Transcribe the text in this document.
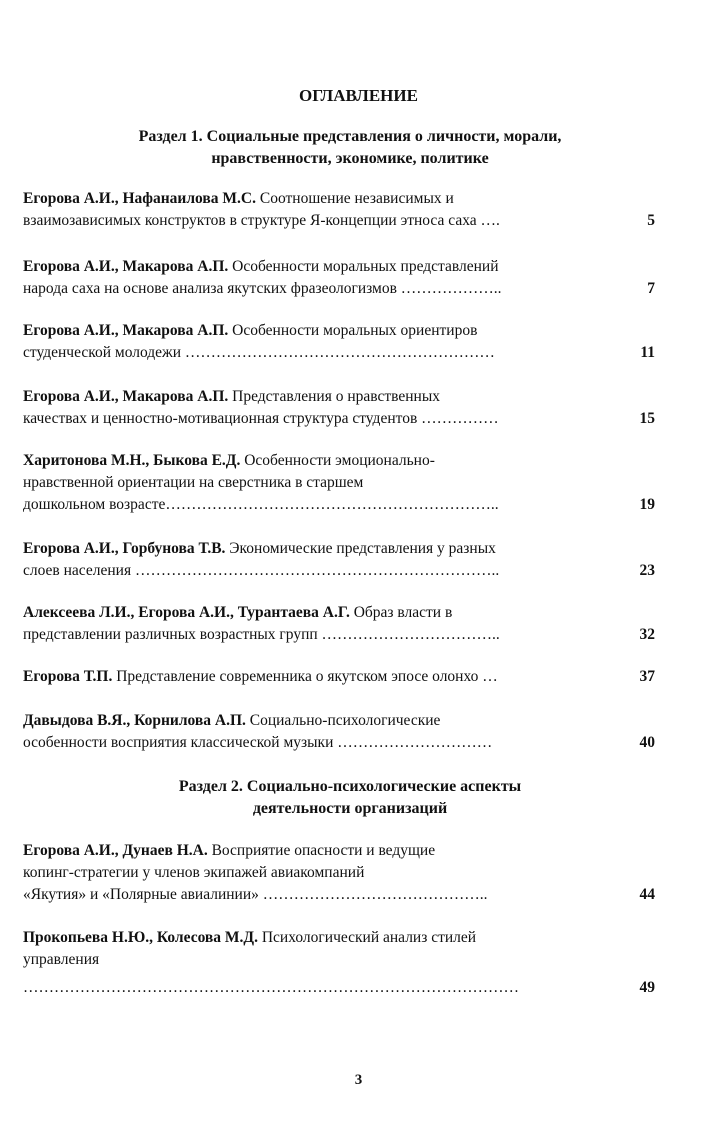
ОГЛАВЛЕНИЕ
Раздел 1. Социальные представления о личности, морали,
нравственности, экономике, политике
Егорова А.И., Нафанаилова М.С. Соотношение независимых и
взаимозависимых конструктов в структуре Я-концепции этноса саха ….	5
Егорова А.И., Макарова А.П. Особенности моральных представлений
народа саха на основе анализа якутских фразеологизмов ………………..	7
Егорова А.И., Макарова А.П. Особенности моральных ориентиров
студенческой молодежи ……………………………………………………	11
Егорова А.И., Макарова А.П. Представления о нравственных
качествах и ценностно-мотивационная структура студентов ……………	15
Харитонова М.Н., Быкова Е.Д. Особенности эмоционально-
нравственной ориентации на сверстника в старшем
дошкольном возрасте………………………………………………………..	19
Егорова А.И., Горбунова Т.В. Экономические представления у разных
слоев населения ……………………………………………………………..	23
Алексеева Л.И., Егорова А.И., Турантаева А.Г. Образ власти в
представлении различных возрастных групп ……………………………..	32
Егорова Т.П. Представление современника о якутском эпосе олонхо …	37
Давыдова В.Я., Корнилова А.П. Социально-психологические
особенности восприятия классической музыки …………………………	40
Раздел 2. Социально-психологические аспекты
деятельности организаций
Егорова А.И., Дунаев Н.А. Восприятие опасности и ведущие
копинг-стратегии у членов экипажей авиакомпаний
«Якутия» и «Полярные авиалинии» ……………………………………..	44
Прокопьева Н.Ю., Колесова М.Д. Психологический анализ стилей
управления
……………………………………………………………………………………	49
3
